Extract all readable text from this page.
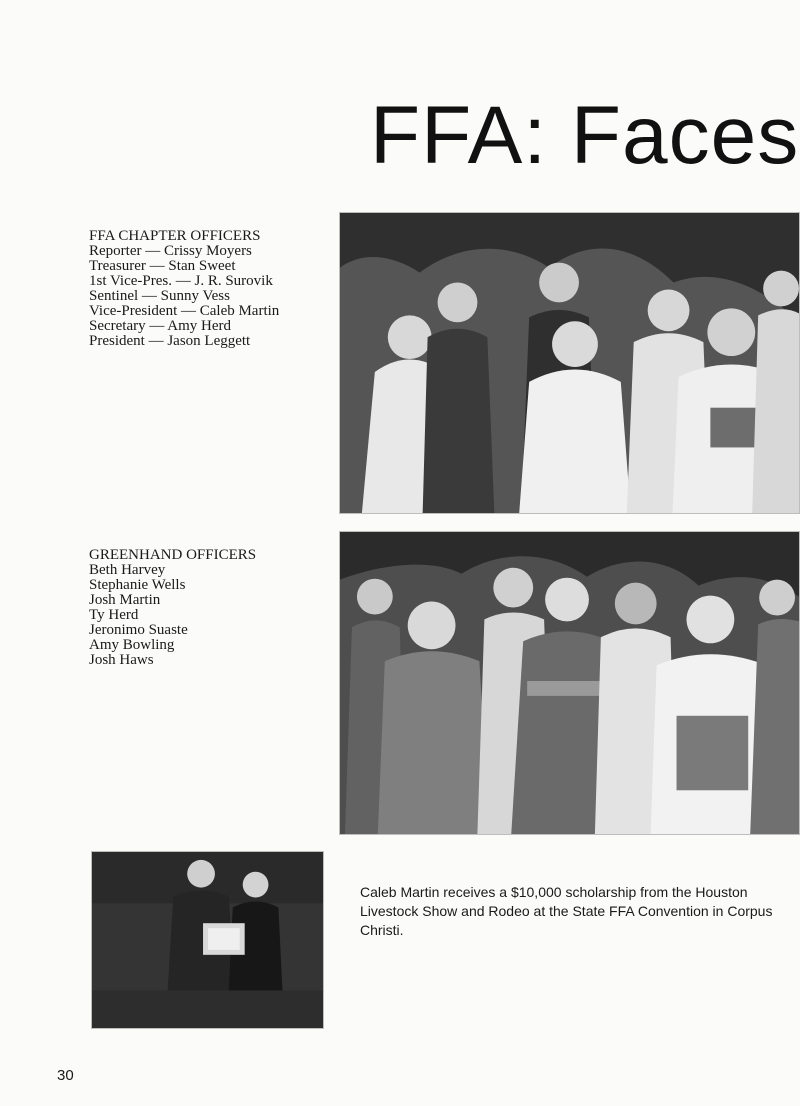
FFA: Faces
FFA CHAPTER OFFICERS
Reporter — Crissy Moyers
Treasurer — Stan Sweet
1st Vice-Pres. — J. R. Surovik
Sentinel — Sunny Vess
Vice-President — Caleb Martin
Secretary — Amy Herd
President — Jason Leggett
GREENHAND OFFICERS
Beth Harvey
Stephanie Wells
Josh Martin
Ty Herd
Jeronimo Suaste
Amy Bowling
Josh Haws
Caleb Martin receives a $10,000 scholarship from the Houston Livestock Show and Rodeo at the State FFA Convention in Corpus Christi.
30
